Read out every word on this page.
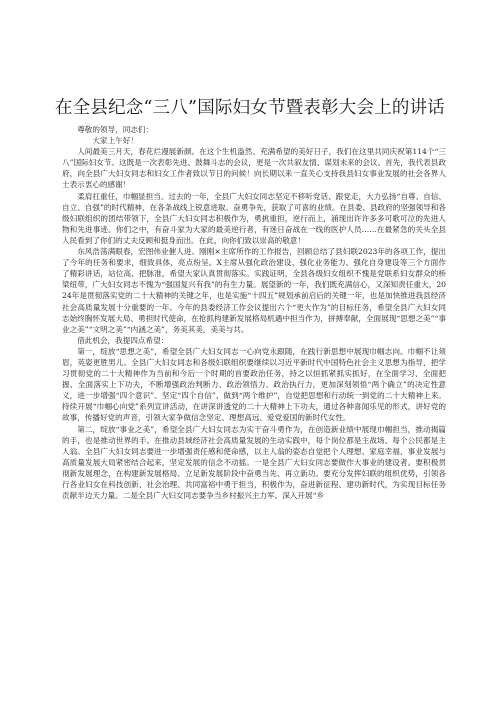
在全县纪念“三八”国际妇女节暨表彰大会上的讲话

尊敬的领导，同志们：

大家上午好！

人间最美三月天，春花烂漫展新颜。在这个生机盎然、充满希望的美好日子，我们在这里共同庆祝第114个“三八”国际妇女节。这既是一次表彰先进、鼓舞斗志的会议，更是一次共叙友情、谋划未来的会议。首先，我代表县政府，向全县广大妇女同志和妇女工作者致以节日的问候！向长期以来一直关心支持我县妇女事业发展的社会各界人士表示衷心的感谢！

柔肩扛重任，巾帼显担当。过去的一年，全县广大妇女同志坚定不移听党话、跟党走，大力弘扬“自尊、自信、自立、自强”的时代精神，在各条战线上锐意进取、奋勇争先，获取了可喜的业绩。在县委、县政府的坚强领导和各级妇联组织的团结带领下，全县广大妇女同志积极作为，勇挑重担，逆行而上，涌现出许许多多可歌可泣的先进人物和先进事迹。你们之中，有奋斗家为大家的最美逆行者，有迷日奋战在一线的医护人员……在最紧急的关头全县人民看到了你们的丈夫反顾和挺身而出。在此，向你们致以崇高的敬意！

东风浩荡满眼春，宏图伟业催人进。刚刚×主席所作的工作报告，回顾总结了县妇联2023年的各项工作，提出了今年的任务和要求，细致具体，亮点纷呈。X主席从强化政治建设、强化业务能力、强化自身建设等三个方面作了精彩讲话，站位高、把脉准，希望大家认真贯彻落实。实践证明，全县各级妇女组织不愧是党联系妇女群众的桥梁纽带，广大妇女同志不愧为“强国复兴有我”的有生力量。展望新的一年，我们既充满信心，又深知责任重大，2024年是贯彻落实党的二十大精神的关键之年，也是实施“十四五”规划承前启后的关键一年，也是加快推进我县经济社会高质量发展十分重要的一年。今年的县委经济工作会议提出六个“更大作为”的目标任务，希望全县广大妇女同志始终胸怀发展大局、勇担时代使命，在抢抓构建新发展格局机遇中担当作为，拼搏奉献，全面展现“思想之美”“事业之美”“文明之美”“内涵之美”，务美其美，美美与共。

借此机会，我提四点希望：

第一，绽放“思想之美”，希望全县广大妇女同志一心向党永跟随，在践行新思想中展现巾帼志向。巾帼不让须眉，英姿更胜男儿。全县广大妇女同志和各级妇联组织要继续以习近平新时代中国特色社会主义思想为指导，把学习贯彻党的二十大精神作为当前和今后一个时期的首要政治任务，持之以恒抓紧抓实抓好，在全面学习、全面把握、全面落实上下功夫，不断增强政治判断力、政治领悟力、政治执行力，更加深刻领悟“两个确立”的决定性意义，进一步增强“四个意识”、坚定“四个自信”、做到“两个维护”，自觉把思想和行动统一到党的二十大精神上来。持续开展“巾帼心向党”系列宣讲活动，在讲深讲透党的二十大精神上下功夫，通过各种喜闻乐见的形式，讲好党的故事，传播好党的声音，引领大家争做信念坚定、理想高远、爱党爱国的新时代女性。

第二，绽放“事业之美”，希望全县广大妇女同志为实干奋斗勇作为，在创造新业绩中展现巾帼担当，推动揭篇的手，也是推动世界的手。在推动县域经济社会高质量发展的生动实践中，每个岗位都是主战场、每个公民都是主人翁。全县广大妇女同志要进一步增强责任感和使命感，以主人翁的姿态自觉把个人理想、家庭幸福、事业发展与高质量发展大局紧密结合起来，坚定发展的信念不动摇。一是全县广大妇女同志要做作大事业的建设者。要积极贯彻新发展理念，在构建新发展格局、立足新发展阶段中奋勇当先、再立新功。要充分发挥妇联的组织优势，引领各行各业妇女在科技创新、社会治理、共同富裕中勇于担当，积极作为，奋进新征程、建功新时代，为实现目标任务贡献半边天力量。二是全县广大妇女同志要争当乡村振兴主力军。深入开展“乡
